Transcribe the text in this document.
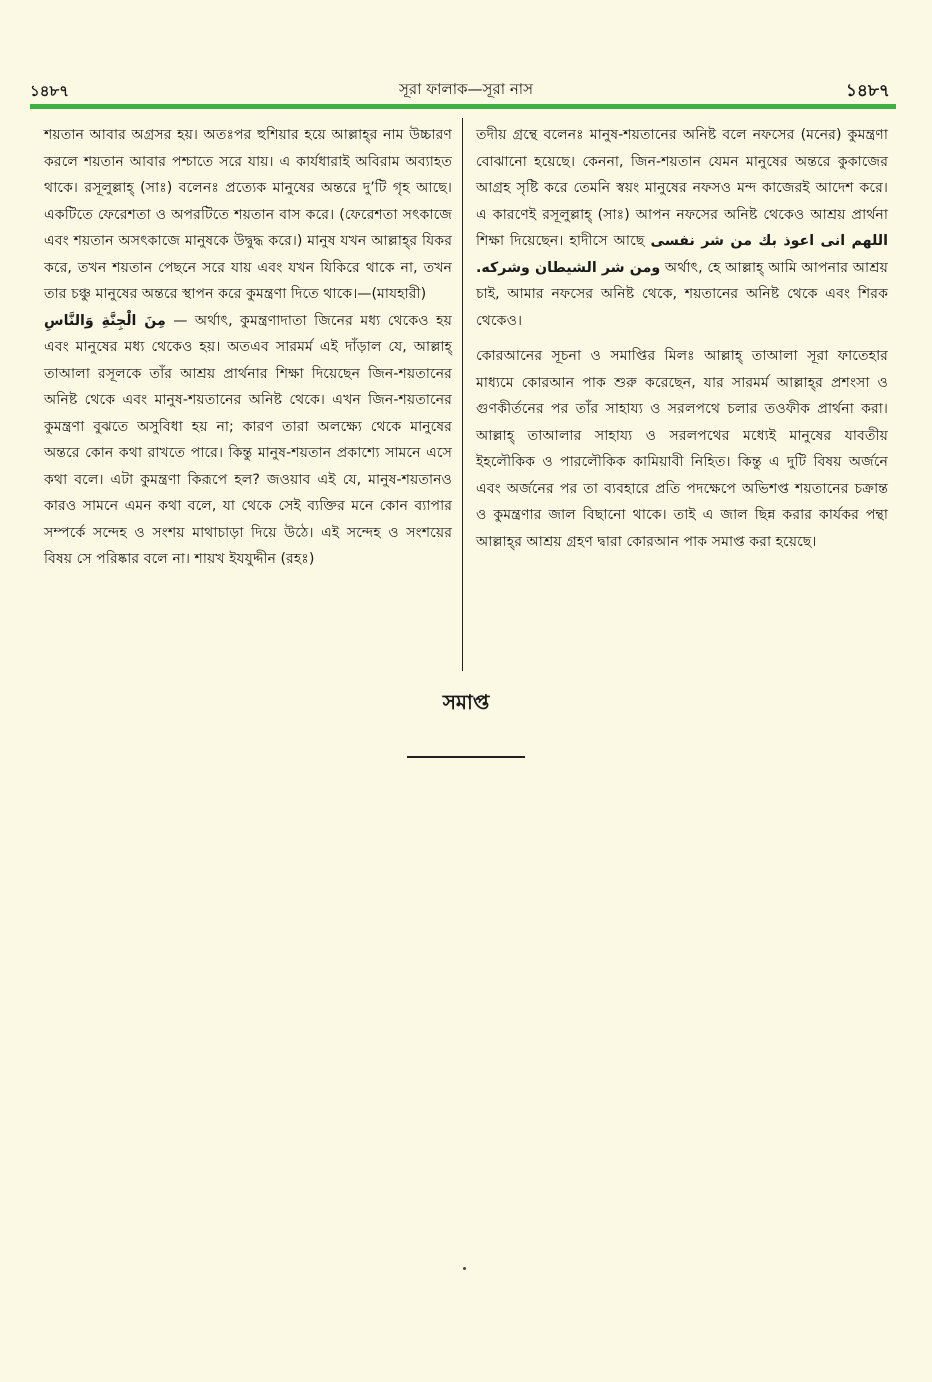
১৪৮৭	সূরা ফালাক—সূরা নাস	১৪৮৭

শয়তান আবার অগ্রসর হয়। অতঃপর হুশিয়ার হয়ে আল্লাহ্‌র নাম উচ্চারণ করলে শয়তান আবার পশ্চাতে সরে যায়। এ কার্যধারাই অবিরাম অব্যাহত থাকে। রসূলুল্লাহ্ (সাঃ) বলেনঃ প্রত্যেক মানুষের অন্তরে দু’টি গৃহ আছে। একটিতে ফেরেশতা ও অপরটিতে শয়তান বাস করে। (ফেরেশতা সৎকাজে এবং শয়তান অসৎকাজে মানুষকে উদ্বুদ্ধ করে।) মানুষ যখন আল্লাহ্‌র যিকর করে, তখন শয়তান পেছনে সরে যায় এবং যখন যিকিরে থাকে না, তখন তার চঞ্চু মানুষের অন্তরে স্থাপন করে কুমন্ত্রণা দিতে থাকে।—(মাযহারী)

مِنَ الْجِنَّةِ وَالنَّاسِ — অর্থাৎ, কুমন্ত্রণাদাতা জিনের মধ্য থেকেও হয় এবং মানুষের মধ্য থেকেও হয়। অতএব সারমর্ম এই দাঁড়াল যে, আল্লাহ্ তাআলা রসূলকে তাঁর আশ্রয় প্রার্থনার শিক্ষা দিয়েছেন জিন-শয়তানের অনিষ্ট থেকে এবং মানুষ-শয়তানের অনিষ্ট থেকে। এখন জিন-শয়তানের কুমন্ত্রণা বুঝতে অসুবিধা হয় না; কারণ তারা অলক্ষ্যে থেকে মানুষের অন্তরে কোন কথা রাখতে পারে। কিন্তু মানুষ-শয়তান প্রকাশ্যে সামনে এসে কথা বলে। এটা কুমন্ত্রণা কিরূপে হল? জওয়াব এই যে, মানুষ-শয়তানও কারও সামনে এমন কথা বলে, যা থেকে সেই ব্যক্তির মনে কোন ব্যাপার সম্পর্কে সন্দেহ ও সংশয় মাথাচাড়া দিয়ে উঠে। এই সন্দেহ ও সংশয়ের বিষয় সে পরিষ্কার বলে না। শায়খ ইযযুদ্দীন (রহঃ)

তদীয় গ্রন্থে বলেনঃ মানুষ-শয়তানের অনিষ্ট বলে নফসের (মনের) কুমন্ত্রণা বোঝানো হয়েছে। কেননা, জিন-শয়তান যেমন মানুষের অন্তরে কুকাজের আগ্রহ সৃষ্টি করে তেমনি স্বয়ং মানুষের নফসও মন্দ কাজেরই আদেশ করে। এ কারণেই রসূলুল্লাহ্ (সাঃ) আপন নফসের অনিষ্ট থেকেও আশ্রয় প্রার্থনা শিক্ষা দিয়েছেন। হাদীসে আছে اللهم انى اعوذ بك من شر نفسى ومن شر الشيطان وشركه. অর্থাৎ, হে আল্লাহ্ আমি আপনার আশ্রয় চাই, আমার নফসের অনিষ্ট থেকে, শয়তানের অনিষ্ট থেকে এবং শিরক থেকেও।

কোরআনের সূচনা ও সমাপ্তির মিলঃ আল্লাহ্ তাআলা সূরা ফাতেহার মাধ্যমে কোরআন পাক শুরু করেছেন, যার সারমর্ম আল্লাহ্‌র প্রশংসা ও গুণকীর্তনের পর তাঁর সাহায্য ও সরলপথে চলার তওফীক প্রার্থনা করা। আল্লাহ্ তাআলার সাহায্য ও সরলপথের মধ্যেই মানুষের যাবতীয় ইহলৌকিক ও পারলৌকিক কামিয়াবী নিহিত। কিন্তু এ দুটি বিষয় অর্জনে এবং অর্জনের পর তা ব্যবহারে প্রতি পদক্ষেপে অভিশপ্ত শয়তানের চক্রান্ত ও কুমন্ত্রণার জাল বিছানো থাকে। তাই এ জাল ছিন্ন করার কার্যকর পন্থা আল্লাহ্‌র আশ্রয় গ্রহণ দ্বারা কোরআন পাক সমাপ্ত করা হয়েছে।

সমাপ্ত
